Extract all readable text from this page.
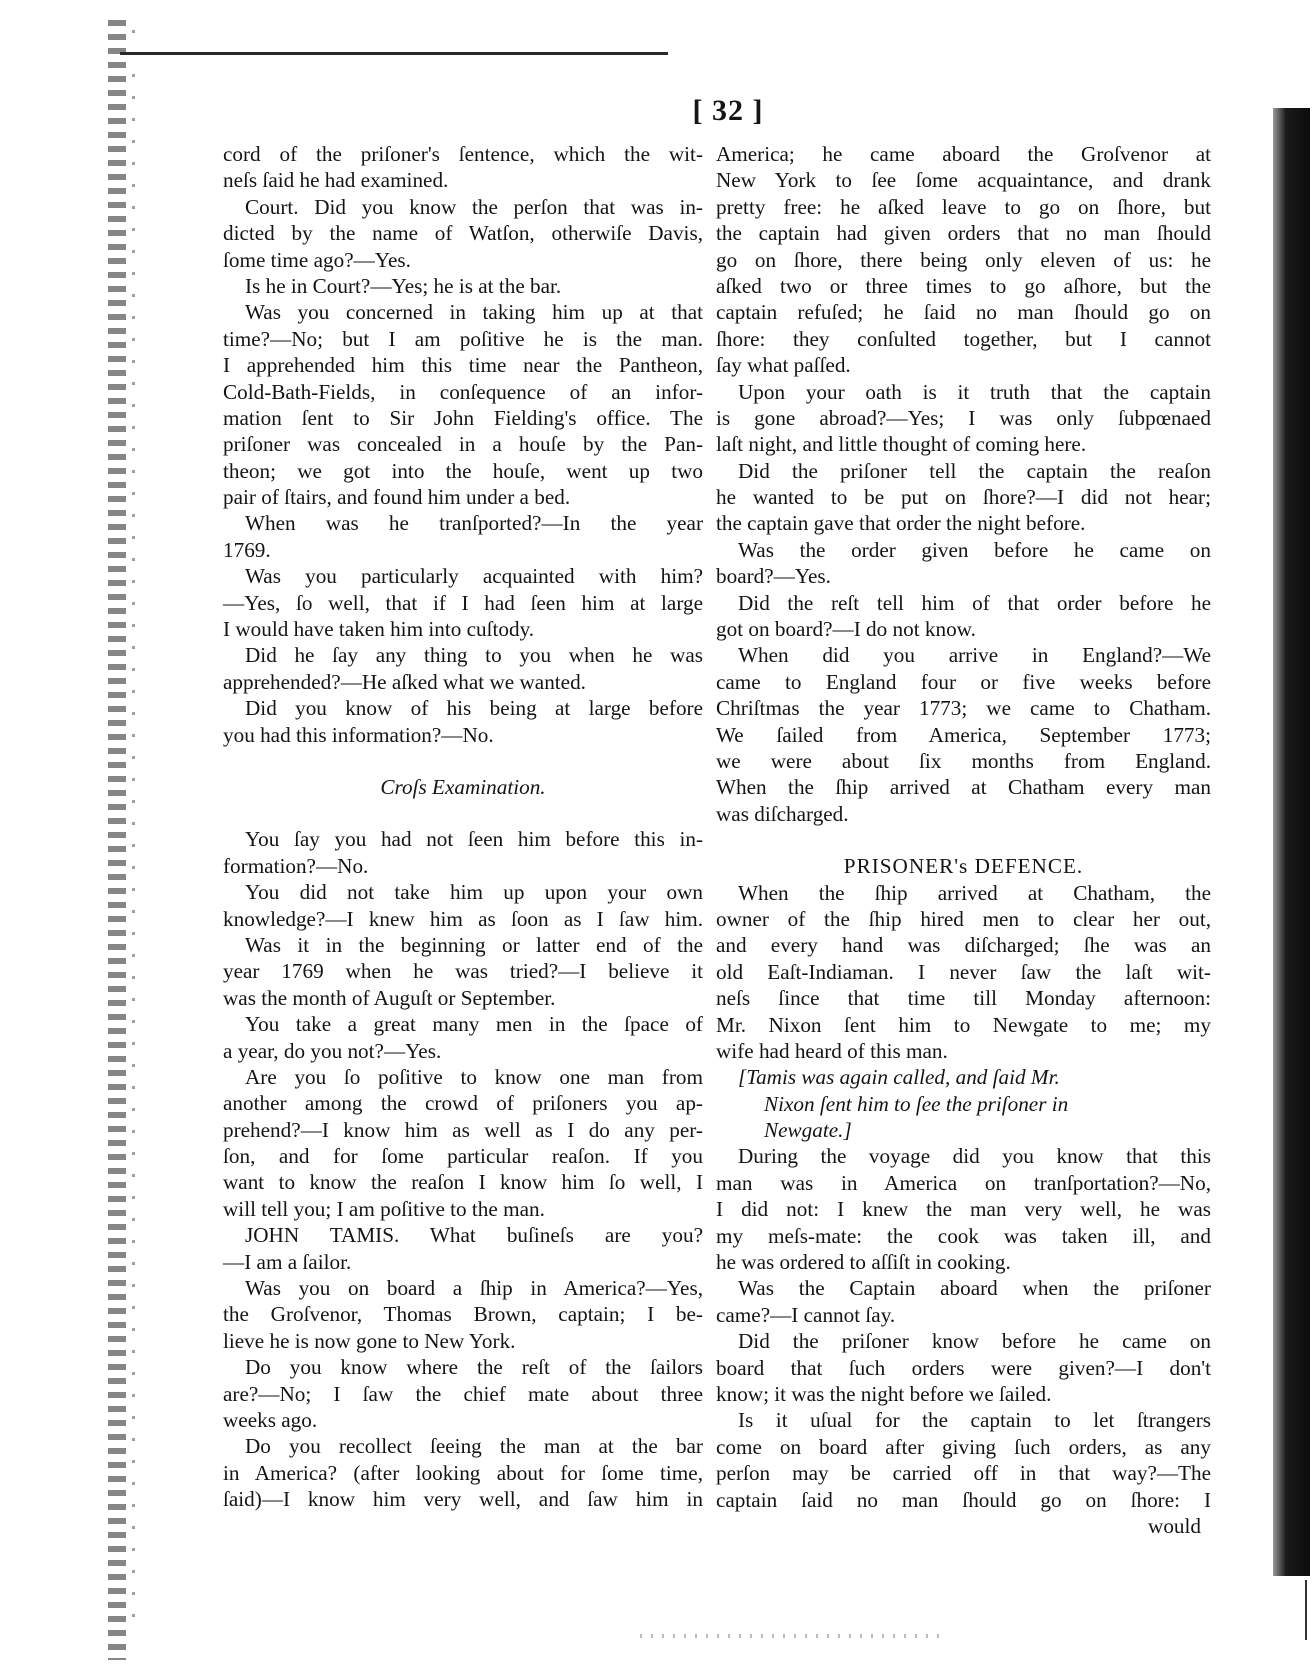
[ 32 ]
cord of the priſoner's ſentence, which the wit-
neſs ſaid he had examined.
Court. Did you know the perſon that was in-
dicted by the name of Watſon, otherwiſe Davis,
ſome time ago?—Yes.
Is he in Court?—Yes; he is at the bar.
Was you concerned in taking him up at that
time?—No; but I am poſitive he is the man.
I apprehended him this time near the Pantheon,
Cold-Bath-Fields, in conſequence of an infor-
mation ſent to Sir John Fielding's office. The
priſoner was concealed in a houſe by the Pan-
theon; we got into the houſe, went up two
pair of ſtairs, and found him under a bed.
When was he tranſported?—In the year
1769.
Was you particularly acquainted with him?
—Yes, ſo well, that if I had ſeen him at large
I would have taken him into cuſtody.
Did he ſay any thing to you when he was
apprehended?—He aſked what we wanted.
Did you know of his being at large before
you had this information?—No.
Croſs Examination.
You ſay you had not ſeen him before this in-
formation?—No.
You did not take him up upon your own
knowledge?—I knew him as ſoon as I ſaw him.
Was it in the beginning or latter end of the
year 1769 when he was tried?—I believe it
was the month of Auguſt or September.
You take a great many men in the ſpace of
a year, do you not?—Yes.
Are you ſo poſitive to know one man from
another among the crowd of priſoners you ap-
prehend?—I know him as well as I do any per-
ſon, and for ſome particular reaſon. If you
want to know the reaſon I know him ſo well, I
will tell you; I am poſitive to the man.
JOHN TAMIS. What buſineſs are you?
—I am a ſailor.
Was you on board a ſhip in America?—Yes,
the Groſvenor, Thomas Brown, captain; I be-
lieve he is now gone to New York.
Do you know where the reſt of the ſailors
are?—No; I ſaw the chief mate about three
weeks ago.
Do you recollect ſeeing the man at the bar
in America? (after looking about for ſome time,
ſaid)—I know him very well, and ſaw him in
America; he came aboard the Groſvenor at
New York to ſee ſome acquaintance, and drank
pretty free: he aſked leave to go on ſhore, but
the captain had given orders that no man ſhould
go on ſhore, there being only eleven of us: he
aſked two or three times to go aſhore, but the
captain refuſed; he ſaid no man ſhould go on
ſhore: they conſulted together, but I cannot
ſay what paſſed.
Upon your oath is it truth that the captain
is gone abroad?—Yes; I was only ſubpœnaed
laſt night, and little thought of coming here.
Did the priſoner tell the captain the reaſon
he wanted to be put on ſhore?—I did not hear;
the captain gave that order the night before.
Was the order given before he came on
board?—Yes.
Did the reſt tell him of that order before he
got on board?—I do not know.
When did you arrive in England?—We
came to England four or five weeks before
Chriſtmas the year 1773; we came to Chatham.
We ſailed from America, September 1773;
we were about ſix months from England.
When the ſhip arrived at Chatham every man
was diſcharged.
PRISONER's DEFENCE.
When the ſhip arrived at Chatham, the
owner of the ſhip hired men to clear her out,
and every hand was diſcharged; ſhe was an
old Eaſt-Indiaman. I never ſaw the laſt wit-
neſs ſince that time till Monday afternoon:
Mr. Nixon ſent him to Newgate to me; my
wife had heard of this man.
[Tamis was again called, and ſaid Mr.
Nixon ſent him to ſee the priſoner in
Newgate.]
During the voyage did you know that this
man was in America on tranſportation?—No,
I did not: I knew the man very well, he was
my meſs-mate: the cook was taken ill, and
he was ordered to aſſiſt in cooking.
Was the Captain aboard when the priſoner
came?—I cannot ſay.
Did the priſoner know before he came on
board that ſuch orders were given?—I don't
know; it was the night before we ſailed.
Is it uſual for the captain to let ſtrangers
come on board after giving ſuch orders, as any
perſon may be carried off in that way?—The
captain ſaid no man ſhould go on ſhore: I
would
